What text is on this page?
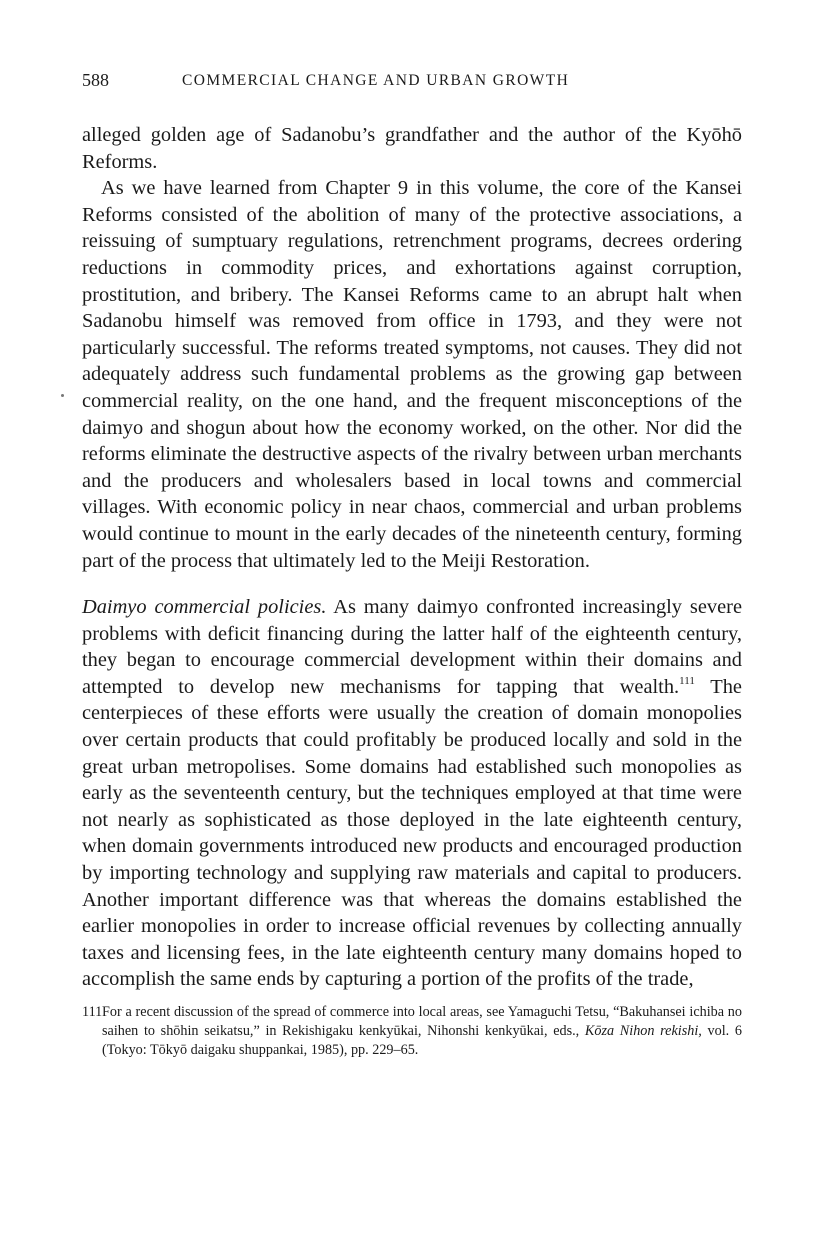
588	COMMERCIAL CHANGE AND URBAN GROWTH

alleged golden age of Sadanobu’s grandfather and the author of the Kyōhō Reforms.

As we have learned from Chapter 9 in this volume, the core of the Kansei Reforms consisted of the abolition of many of the protective associations, a reissuing of sumptuary regulations, retrenchment programs, decrees ordering reductions in commodity prices, and exhortations against corruption, prostitution, and bribery. The Kansei Reforms came to an abrupt halt when Sadanobu himself was removed from office in 1793, and they were not particularly successful. The reforms treated symptoms, not causes. They did not adequately address such fundamental problems as the growing gap between commercial reality, on the one hand, and the frequent misconceptions of the daimyo and shogun about how the economy worked, on the other. Nor did the reforms eliminate the destructive aspects of the rivalry between urban merchants and the producers and wholesalers based in local towns and commercial villages. With economic policy in near chaos, commercial and urban problems would continue to mount in the early decades of the nineteenth century, forming part of the process that ultimately led to the Meiji Restoration.

Daimyo commercial policies. As many daimyo confronted increasingly severe problems with deficit financing during the latter half of the eighteenth century, they began to encourage commercial development within their domains and attempted to develop new mechanisms for tapping that wealth.$^{111}$ The centerpieces of these efforts were usually the creation of domain monopolies over certain products that could profitably be produced locally and sold in the great urban metropolises. Some domains had established such monopolies as early as the seventeenth century, but the techniques employed at that time were not nearly as sophisticated as those deployed in the late eighteenth century, when domain governments introduced new products and encouraged production by importing technology and supplying raw materials and capital to producers. Another important difference was that whereas the domains established the earlier monopolies in order to increase official revenues by collecting annually taxes and licensing fees, in the late eighteenth century many domains hoped to accomplish the same ends by capturing a portion of the profits of the trade,

111For a recent discussion of the spread of commerce into local areas, see Yamaguchi Tetsu, “Bakuhansei ichiba no saihen to shōhin seikatsu,” in Rekishigaku kenkyūkai, Nihonshi kenkyūkai, eds., Kōza Nihon rekishi, vol. 6 (Tokyo: Tōkyō daigaku shuppankai, 1985), pp. 229–65.
